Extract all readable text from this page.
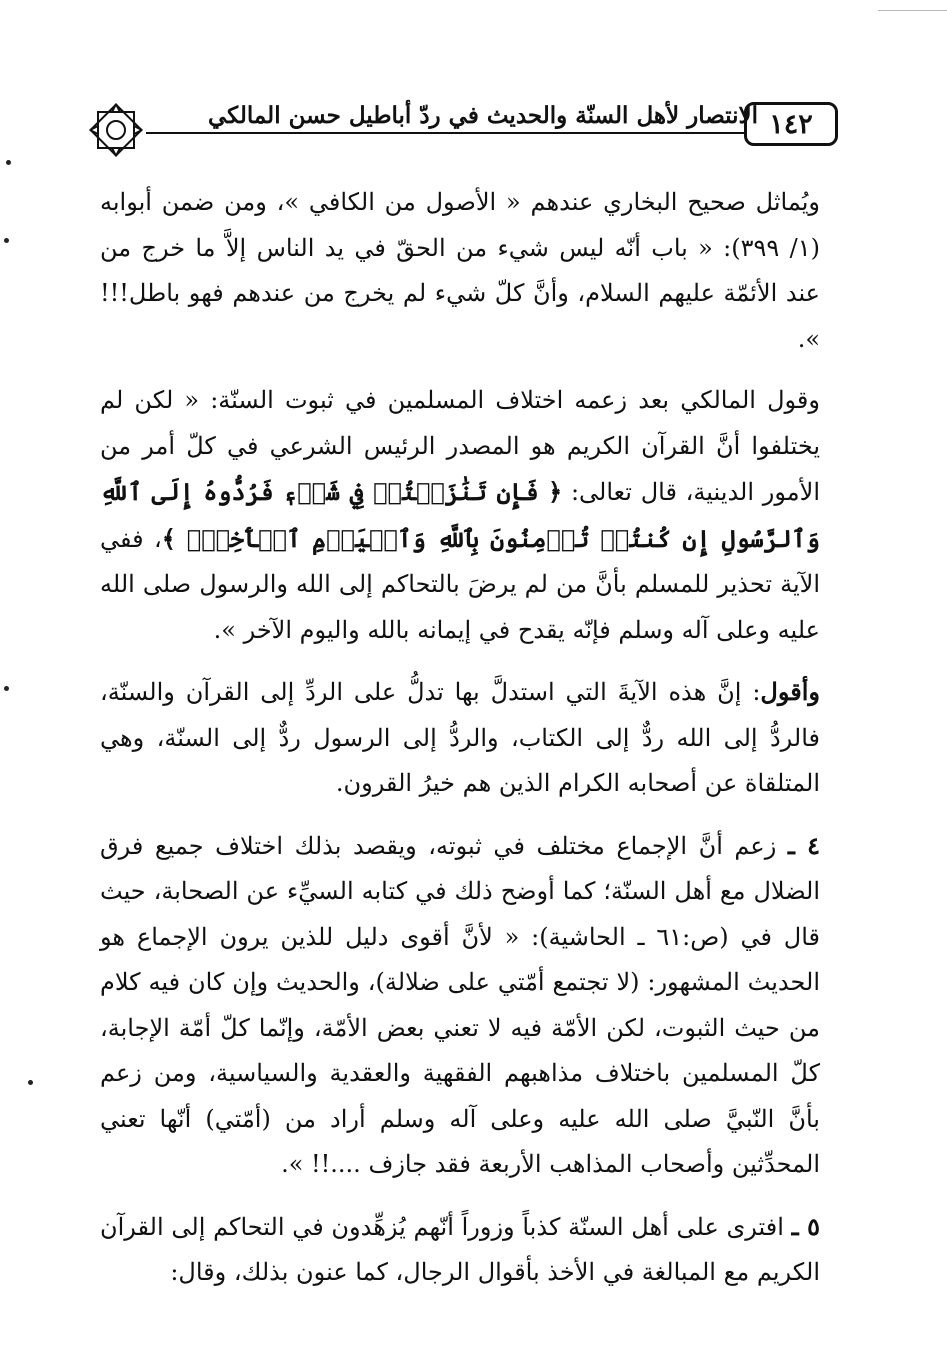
الانتصار لأهل السنّة والحديث في ردّ أباطيل حسن المالكي ١٤٢

ويُماثل صحيح البخاري عندهم « الأصول من الكافي »، ومن ضمن أبوابه (١/ ٣٩٩): « باب أنّه ليس شيء من الحقّ في يد الناس إلاَّ ما خرج من عند الأئمّة عليهم السلام، وأنَّ كلّ شيء لم يخرج من عندهم فهو باطل!!! ».

وقول المالكي بعد زعمه اختلاف المسلمين في ثبوت السنّة: « لكن لم يختلفوا أنَّ القرآن الكريم هو المصدر الرئيس الشرعي في كلّ أمر من الأمور الدينية، قال تعالى: ﴿ فَإِن تَنَٰزَعۡتُمۡ فِي شَيۡءٖ فَرُدُّوهُ إِلَى ٱللَّهِ وَٱلرَّسُولِ إِن كُنتُمۡ تُؤۡمِنُونَ بِٱللَّهِ وَٱلۡيَوۡمِ ٱلۡأٓخِرِۚ ﴾، ففي الآية تحذير للمسلم بأنَّ من لم يرضَ بالتحاكم إلى الله والرسول صلى الله عليه وعلى آله وسلم فإنّه يقدح في إيمانه بالله واليوم الآخر ».

وأقول: إنَّ هذه الآيةَ التي استدلَّ بها تدلُّ على الردِّ إلى القرآن والسنّة، فالردُّ إلى الله ردٌّ إلى الكتاب، والردُّ إلى الرسول ردٌّ إلى السنّة، وهي المتلقاة عن أصحابه الكرام الذين هم خيرُ القرون.

٤ ـ زعم أنَّ الإجماع مختلف في ثبوته، ويقصد بذلك اختلاف جميع فرق الضلال مع أهل السنّة؛ كما أوضح ذلك في كتابه السيِّء عن الصحابة، حيث قال في (ص:٦١ ـ الحاشية): « لأنَّ أقوى دليل للذين يرون الإجماع هو الحديث المشهور: (لا تجتمع أمّتي على ضلالة)، والحديث وإن كان فيه كلام من حيث الثبوت، لكن الأمّة فيه لا تعني بعض الأمّة، وإنّما كلّ أمّة الإجابة، كلّ المسلمين باختلاف مذاهبهم الفقهية والعقدية والسياسية، ومن زعم بأنَّ النّبيَّ صلى الله عليه وعلى آله وسلم أراد من (أمّتي) أنّها تعني المحدِّثين وأصحاب المذاهب الأربعة فقد جازف ....!! ».

٥ ـ افترى على أهل السنّة كذباً وزوراً أنّهم يُزهِّدون في التحاكم إلى القرآن الكريم مع المبالغة في الأخذ بأقوال الرجال، كما عنون بذلك، وقال:
